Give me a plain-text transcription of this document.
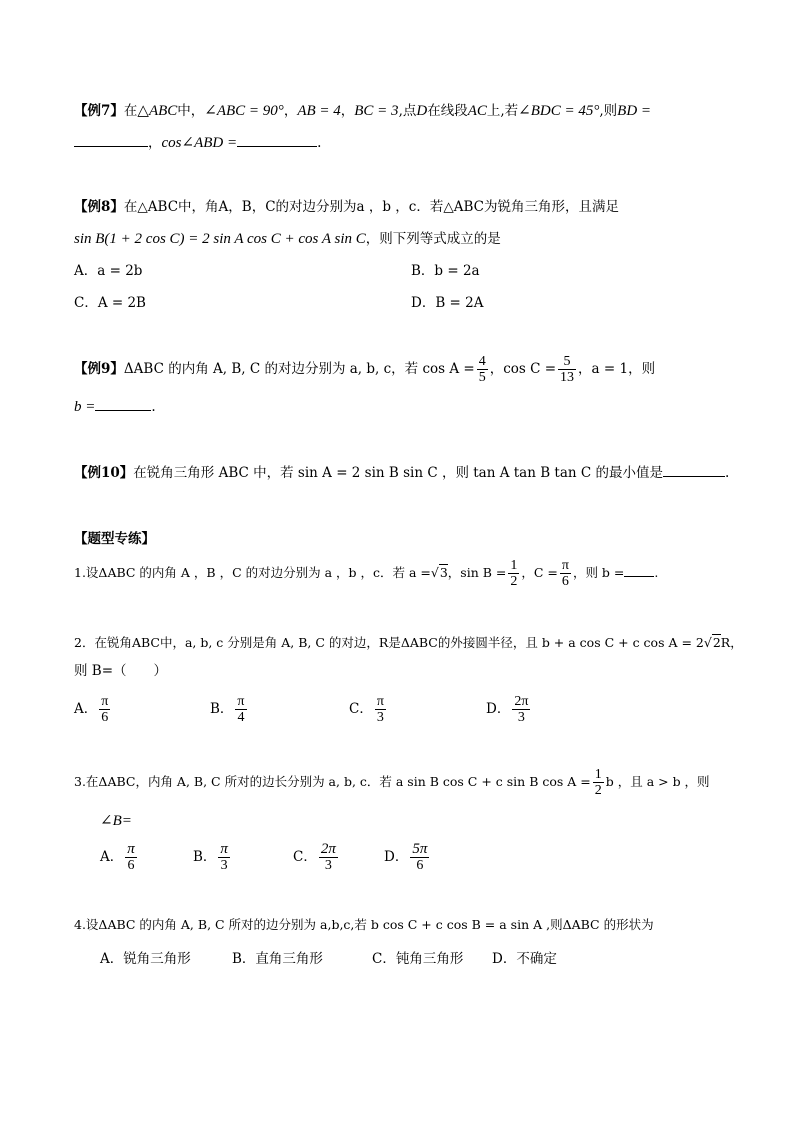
【例7】在△ABC中，∠ABC = 90°，AB = 4，BC = 3,点D在线段AC上,若∠BDC = 45°,则BD =
，cos∠ABD =	.
【例8】在△ABC中，角A，B，C的对边分别为a ，b ，c．若△ABC为锐角三角形，且满足
sin B(1 + 2 cos C) = 2 sin A cos C + cos A sin C，则下列等式成立的是
A．a = 2b	B．b = 2a
C．A = 2B	D．B = 2A
【例9】ΔABC 的内角 A, B, C 的对边分别为 a, b, c，若 $\cos A = \frac{4}{5}$ ，$\cos C = \frac{5}{13}$ ，a = 1，则
b =	.
【例10】在锐角三角形 ABC 中，若 sin A = 2 sin B sin C ，则 tan A tan B tan C 的最小值是	.
【题型专练】
1.设ΔABC 的内角 A ，B ，C 的对边分别为 a ，b ，c．若 a =√3，$\sin B = \frac{1}{2}$ ，$C = \frac{\pi}{6}$ ，则 b = .
2．在锐角ABC中，a, b, c 分别是角 A, B, C 的对边，R是ΔABC的外接圆半径，且 b + a cos C + c cos A = 2√2R，
则 B=（　　）
A． $\frac{\pi}{6}$	B． $\frac{\pi}{4}$	C． $\frac{\pi}{3}$	D． $\frac{2\pi}{3}$
3.在ΔABC，内角 A, B, C 所对的边长分别为 a, b, c．若 a sin B cos C + c sin B $\cos A = \frac{1}{2}$ b ，且 a > b ，则
∠B=
A． $\frac{\pi}{6}$	B． $\frac{\pi}{3}$	C． $\frac{2\pi}{3}$	D． $\frac{5\pi}{6}$
4.设ΔABC 的内角 A, B, C 所对的边分别为 a,b,c,若 b cos C + c cos B = a sin A ,则ΔABC 的形状为
A．锐角三角形	B．直角三角形	C．钝角三角形 D．不确定
